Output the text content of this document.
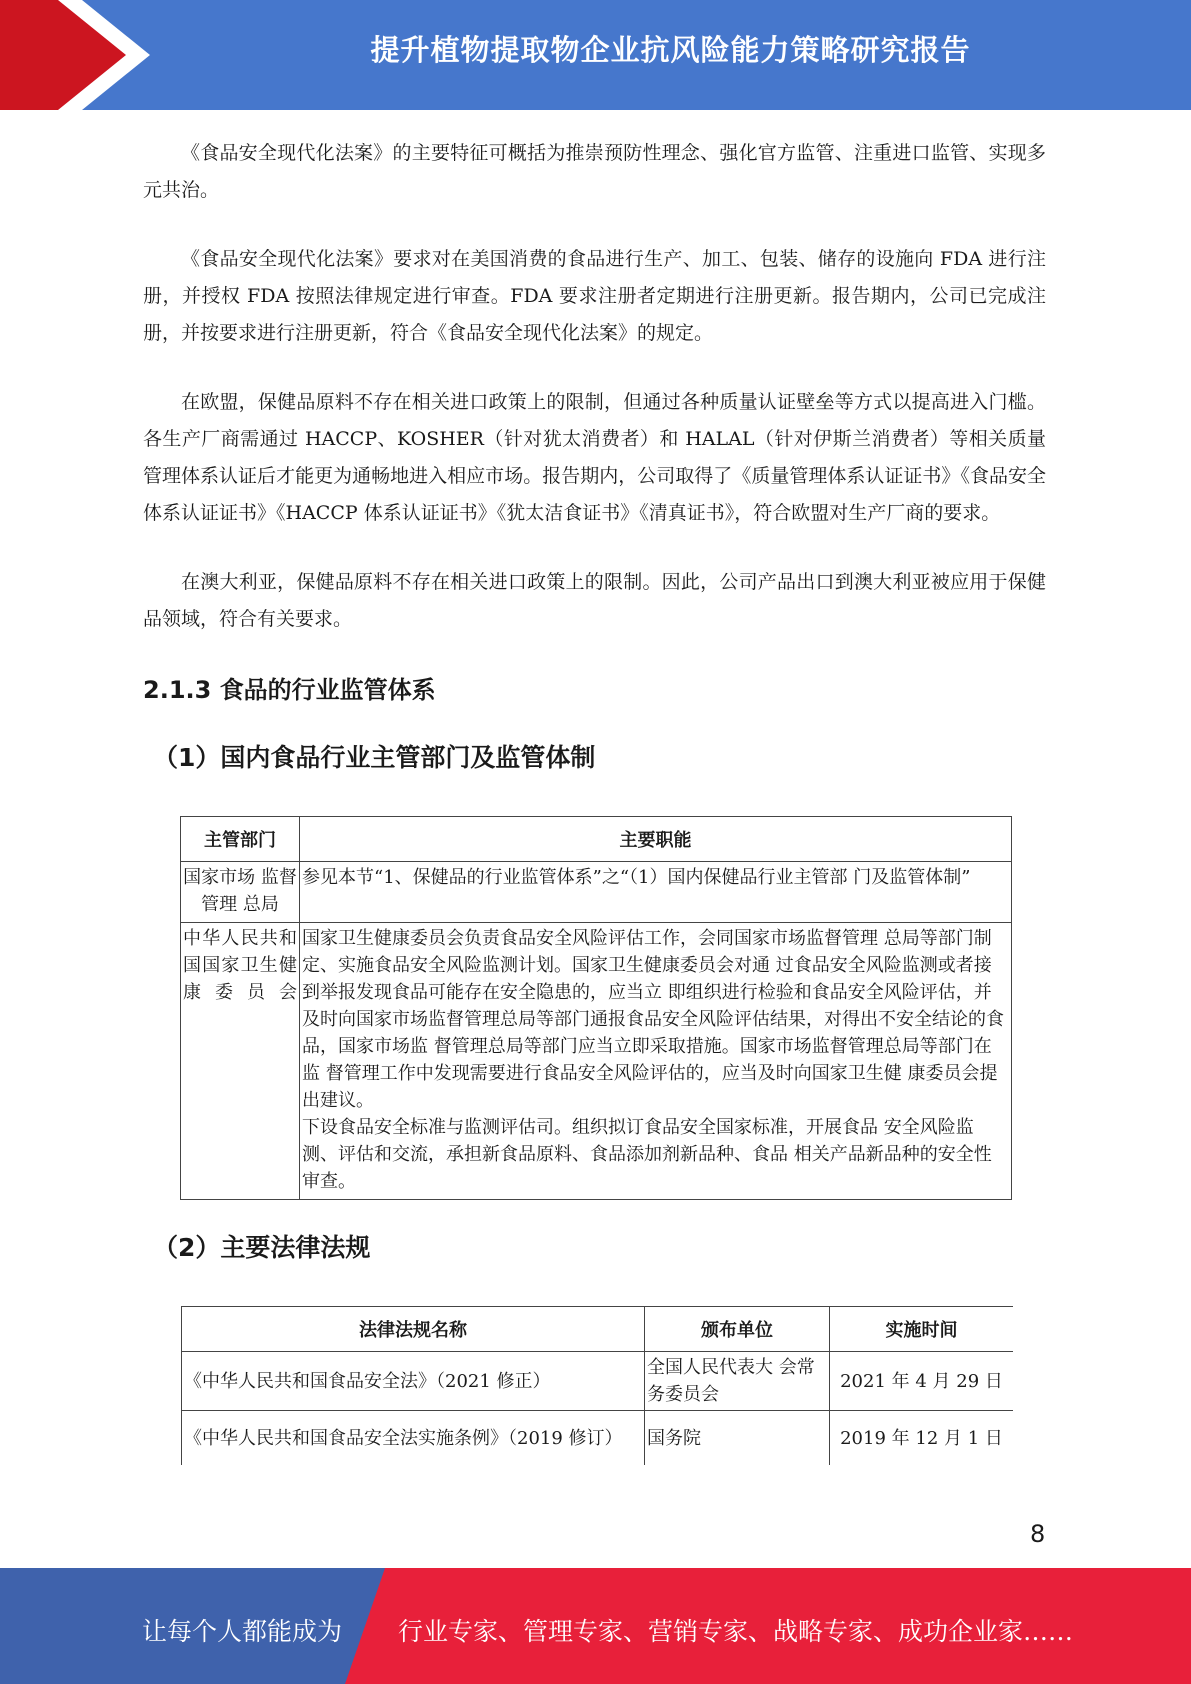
提升植物提取物企业抗风险能力策略研究报告

《食品安全现代化法案》的主要特征可概括为推崇预防性理念、强化官方监管、注重进口监管、实现多元共治。

《食品安全现代化法案》要求对在美国消费的食品进行生产、加工、包装、储存的设施向 FDA 进行注册，并授权 FDA 按照法律规定进行审查。FDA 要求注册者定期进行注册更新。报告期内，公司已完成注册，并按要求进行注册更新，符合《食品安全现代化法案》的规定。

在欧盟，保健品原料不存在相关进口政策上的限制，但通过各种质量认证壁垒等方式以提高进入门槛。各生产厂商需通过 HACCP、KOSHER（针对犹太消费者）和 HALAL（针对伊斯兰消费者）等相关质量管理体系认证后才能更为通畅地进入相应市场。报告期内，公司取得了《质量管理体系认证证书》《食品安全体系认证证书》《HACCP 体系认证证书》《犹太洁食证书》《清真证书》，符合欧盟对生产厂商的要求。

在澳大利亚，保健品原料不存在相关进口政策上的限制。因此，公司产品出口到澳大利亚被应用于保健品领域，符合有关要求。

2.1.3 食品的行业监管体系
（1）国内食品行业主管部门及监管体制
主管部门	主要职能
国家市场 监督管理 总局	参见本节“1、保健品的行业监管体系”之“（1）国内保健品行业主管部 门及监管体制”
中华人民共和国国家卫生健康委员会	国家卫生健康委员会负责食品安全风险评估工作，会同国家市场监督管理 总局等部门制定、实施食品安全风险监测计划。国家卫生健康委员会对通 过食品安全风险监测或者接到举报发现食品可能存在安全隐患的，应当立 即组织进行检验和食品安全风险评估，并及时向国家市场监督管理总局等部门通报食品安全风险评估结果，对得出不安全结论的食品，国家市场监 督管理总局等部门应当立即采取措施。国家市场监督管理总局等部门在监 督管理工作中发现需要进行食品安全风险评估的，应当及时向国家卫生健 康委员会提出建议。
下设食品安全标准与监测评估司。组织拟订食品安全国家标准，开展食品 安全风险监测、评估和交流，承担新食品原料、食品添加剂新品种、食品 相关产品新品种的安全性审查。
（2）主要法律法规
法律法规名称	颁布单位	实施时间
《中华人民共和国食品安全法》（2021 修正）	全国人民代表大 会常务委员会	2021 年 4 月 29 日
《中华人民共和国食品安全法实施条例》（2019 修订）	国务院	2019 年 12 月 1 日
8
让每个人都能成为 行业专家、管理专家、营销专家、战略专家、成功企业家……
